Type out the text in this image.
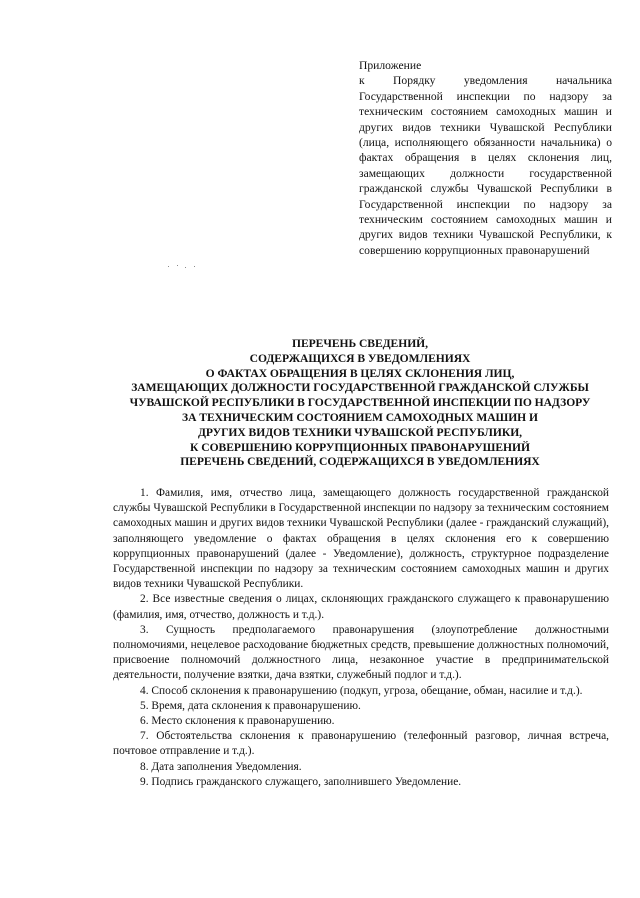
Приложение
к Порядку уведомления начальника Государственной инспекции по надзору за техническим состоянием самоходных машин и других видов техники Чувашской Республики (лица, исполняющего обязанности начальника) о фактах обращения в целях склонения лиц, замещающих должности государственной гражданской службы Чувашской Республики в Государственной инспекции по надзору за техническим состоянием самоходных машин и других видов техники Чувашской Республики, к совершению коррупционных правонарушений
ПЕРЕЧЕНЬ СВЕДЕНИЙ,
СОДЕРЖАЩИХСЯ В УВЕДОМЛЕНИЯХ
О ФАКТАХ ОБРАЩЕНИЯ В ЦЕЛЯХ СКЛОНЕНИЯ ЛИЦ,
ЗАМЕЩАЮЩИХ ДОЛЖНОСТИ ГОСУДАРСТВЕННОЙ ГРАЖДАНСКОЙ СЛУЖБЫ
ЧУВАШСКОЙ РЕСПУБЛИКИ В ГОСУДАРСТВЕННОЙ ИНСПЕКЦИИ ПО НАДЗОРУ
ЗА ТЕХНИЧЕСКИМ СОСТОЯНИЕМ САМОХОДНЫХ МАШИН И
ДРУГИХ ВИДОВ ТЕХНИКИ ЧУВАШСКОЙ РЕСПУБЛИКИ,
К СОВЕРШЕНИЮ КОРРУПЦИОННЫХ ПРАВОНАРУШЕНИЙ
ПЕРЕЧЕНЬ СВЕДЕНИЙ, СОДЕРЖАЩИХСЯ В УВЕДОМЛЕНИЯХ

1. Фамилия, имя, отчество лица, замещающего должность государственной гражданской службы Чувашской Республики в Государственной инспекции по надзору за техническим состоянием самоходных машин и других видов техники Чувашской Республики (далее - гражданский служащий), заполняющего уведомление о фактах обращения в целях склонения его к совершению коррупционных правонарушений (далее - Уведомление), должность, структурное подразделение Государственной инспекции по надзору за техническим состоянием самоходных машин и других видов техники Чувашской Республики.

2. Все известные сведения о лицах, склоняющих гражданского служащего к правонарушению (фамилия, имя, отчество, должность и т.д.).

3. Сущность предполагаемого правонарушения (злоупотребление должностными полномочиями, нецелевое расходование бюджетных средств, превышение должностных полномочий, присвоение полномочий должностного лица, незаконное участие в предпринимательской деятельности, получение взятки, дача взятки, служебный подлог и т.д.).

4. Способ склонения к правонарушению (подкуп, угроза, обещание, обман, насилие и т.д.).

5. Время, дата склонения к правонарушению.

6. Место склонения к правонарушению.

7. Обстоятельства склонения к правонарушению (телефонный разговор, личная встреча, почтовое отправление и т.д.).

8. Дата заполнения Уведомления.

9. Подпись гражданского служащего, заполнившего Уведомление.
